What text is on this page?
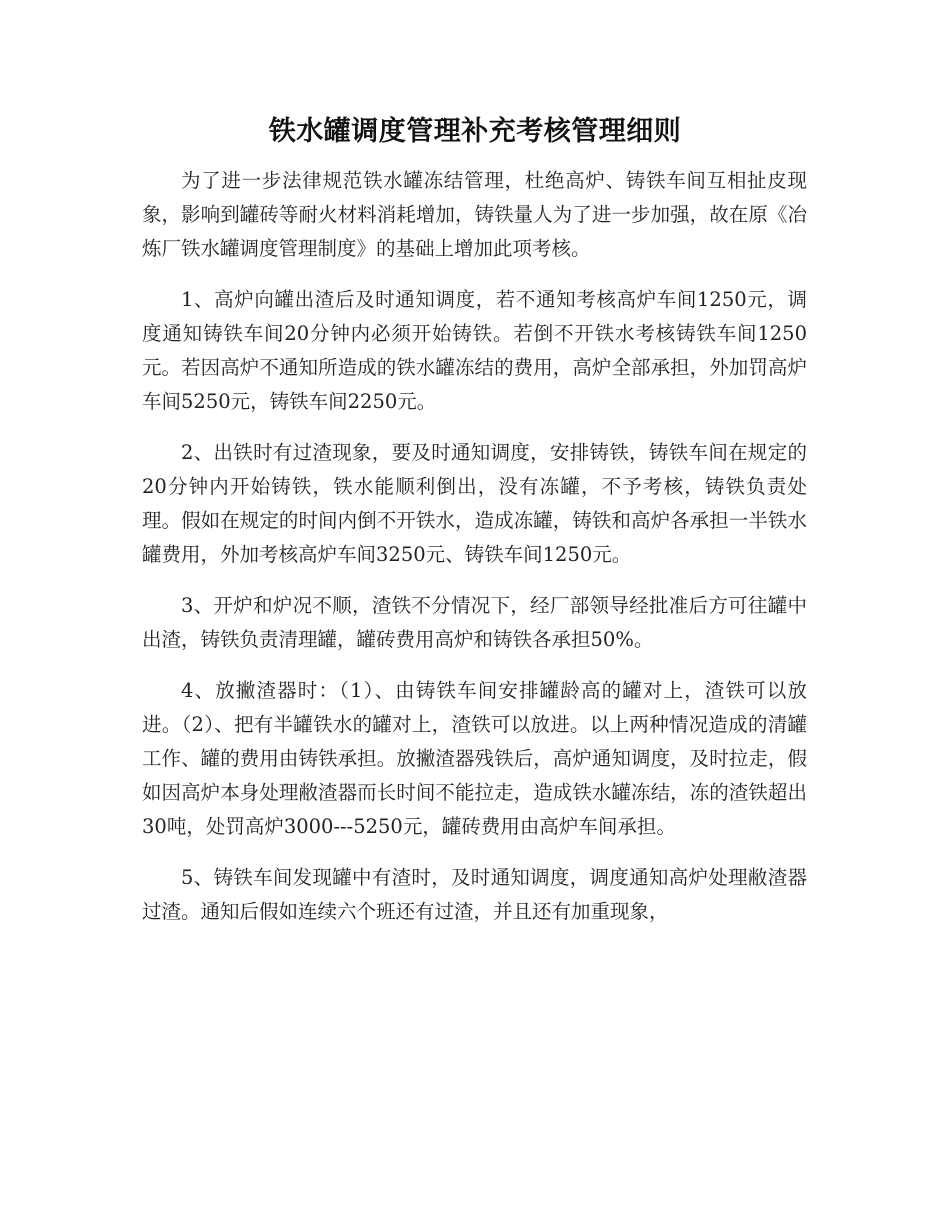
铁水罐调度管理补充考核管理细则

为了进一步法律规范铁水罐冻结管理，杜绝高炉、铸铁车间互相扯皮现象，影响到罐砖等耐火材料消耗增加，铸铁量人为了进一步加强，故在原《冶炼厂铁水罐调度管理制度》的基础上增加此项考核。

1、高炉向罐出渣后及时通知调度，若不通知考核高炉车间1250元，调度通知铸铁车间20分钟内必须开始铸铁。若倒不开铁水考核铸铁车间1250元。若因高炉不通知所造成的铁水罐冻结的费用，高炉全部承担，外加罚高炉车间5250元，铸铁车间2250元。

2、出铁时有过渣现象，要及时通知调度，安排铸铁，铸铁车间在规定的20分钟内开始铸铁，铁水能顺利倒出，没有冻罐，不予考核，铸铁负责处理。假如在规定的时间内倒不开铁水，造成冻罐，铸铁和高炉各承担一半铁水罐费用，外加考核高炉车间3250元、铸铁车间1250元。

3、开炉和炉况不顺，渣铁不分情况下，经厂部领导经批准后方可往罐中出渣，铸铁负责清理罐，罐砖费用高炉和铸铁各承担50%。

4、放撇渣器时：（1）、由铸铁车间安排罐龄高的罐对上，渣铁可以放进。（2）、把有半罐铁水的罐对上，渣铁可以放进。以上两种情况造成的清罐工作、罐的费用由铸铁承担。放撇渣器残铁后，高炉通知调度，及时拉走，假如因高炉本身处理敝渣器而长时间不能拉走，造成铁水罐冻结，冻的渣铁超出30吨，处罚高炉3000---5250元，罐砖费用由高炉车间承担。

5、铸铁车间发现罐中有渣时，及时通知调度，调度通知高炉处理敝渣器过渣。通知后假如连续六个班还有过渣，并且还有加重现象，
